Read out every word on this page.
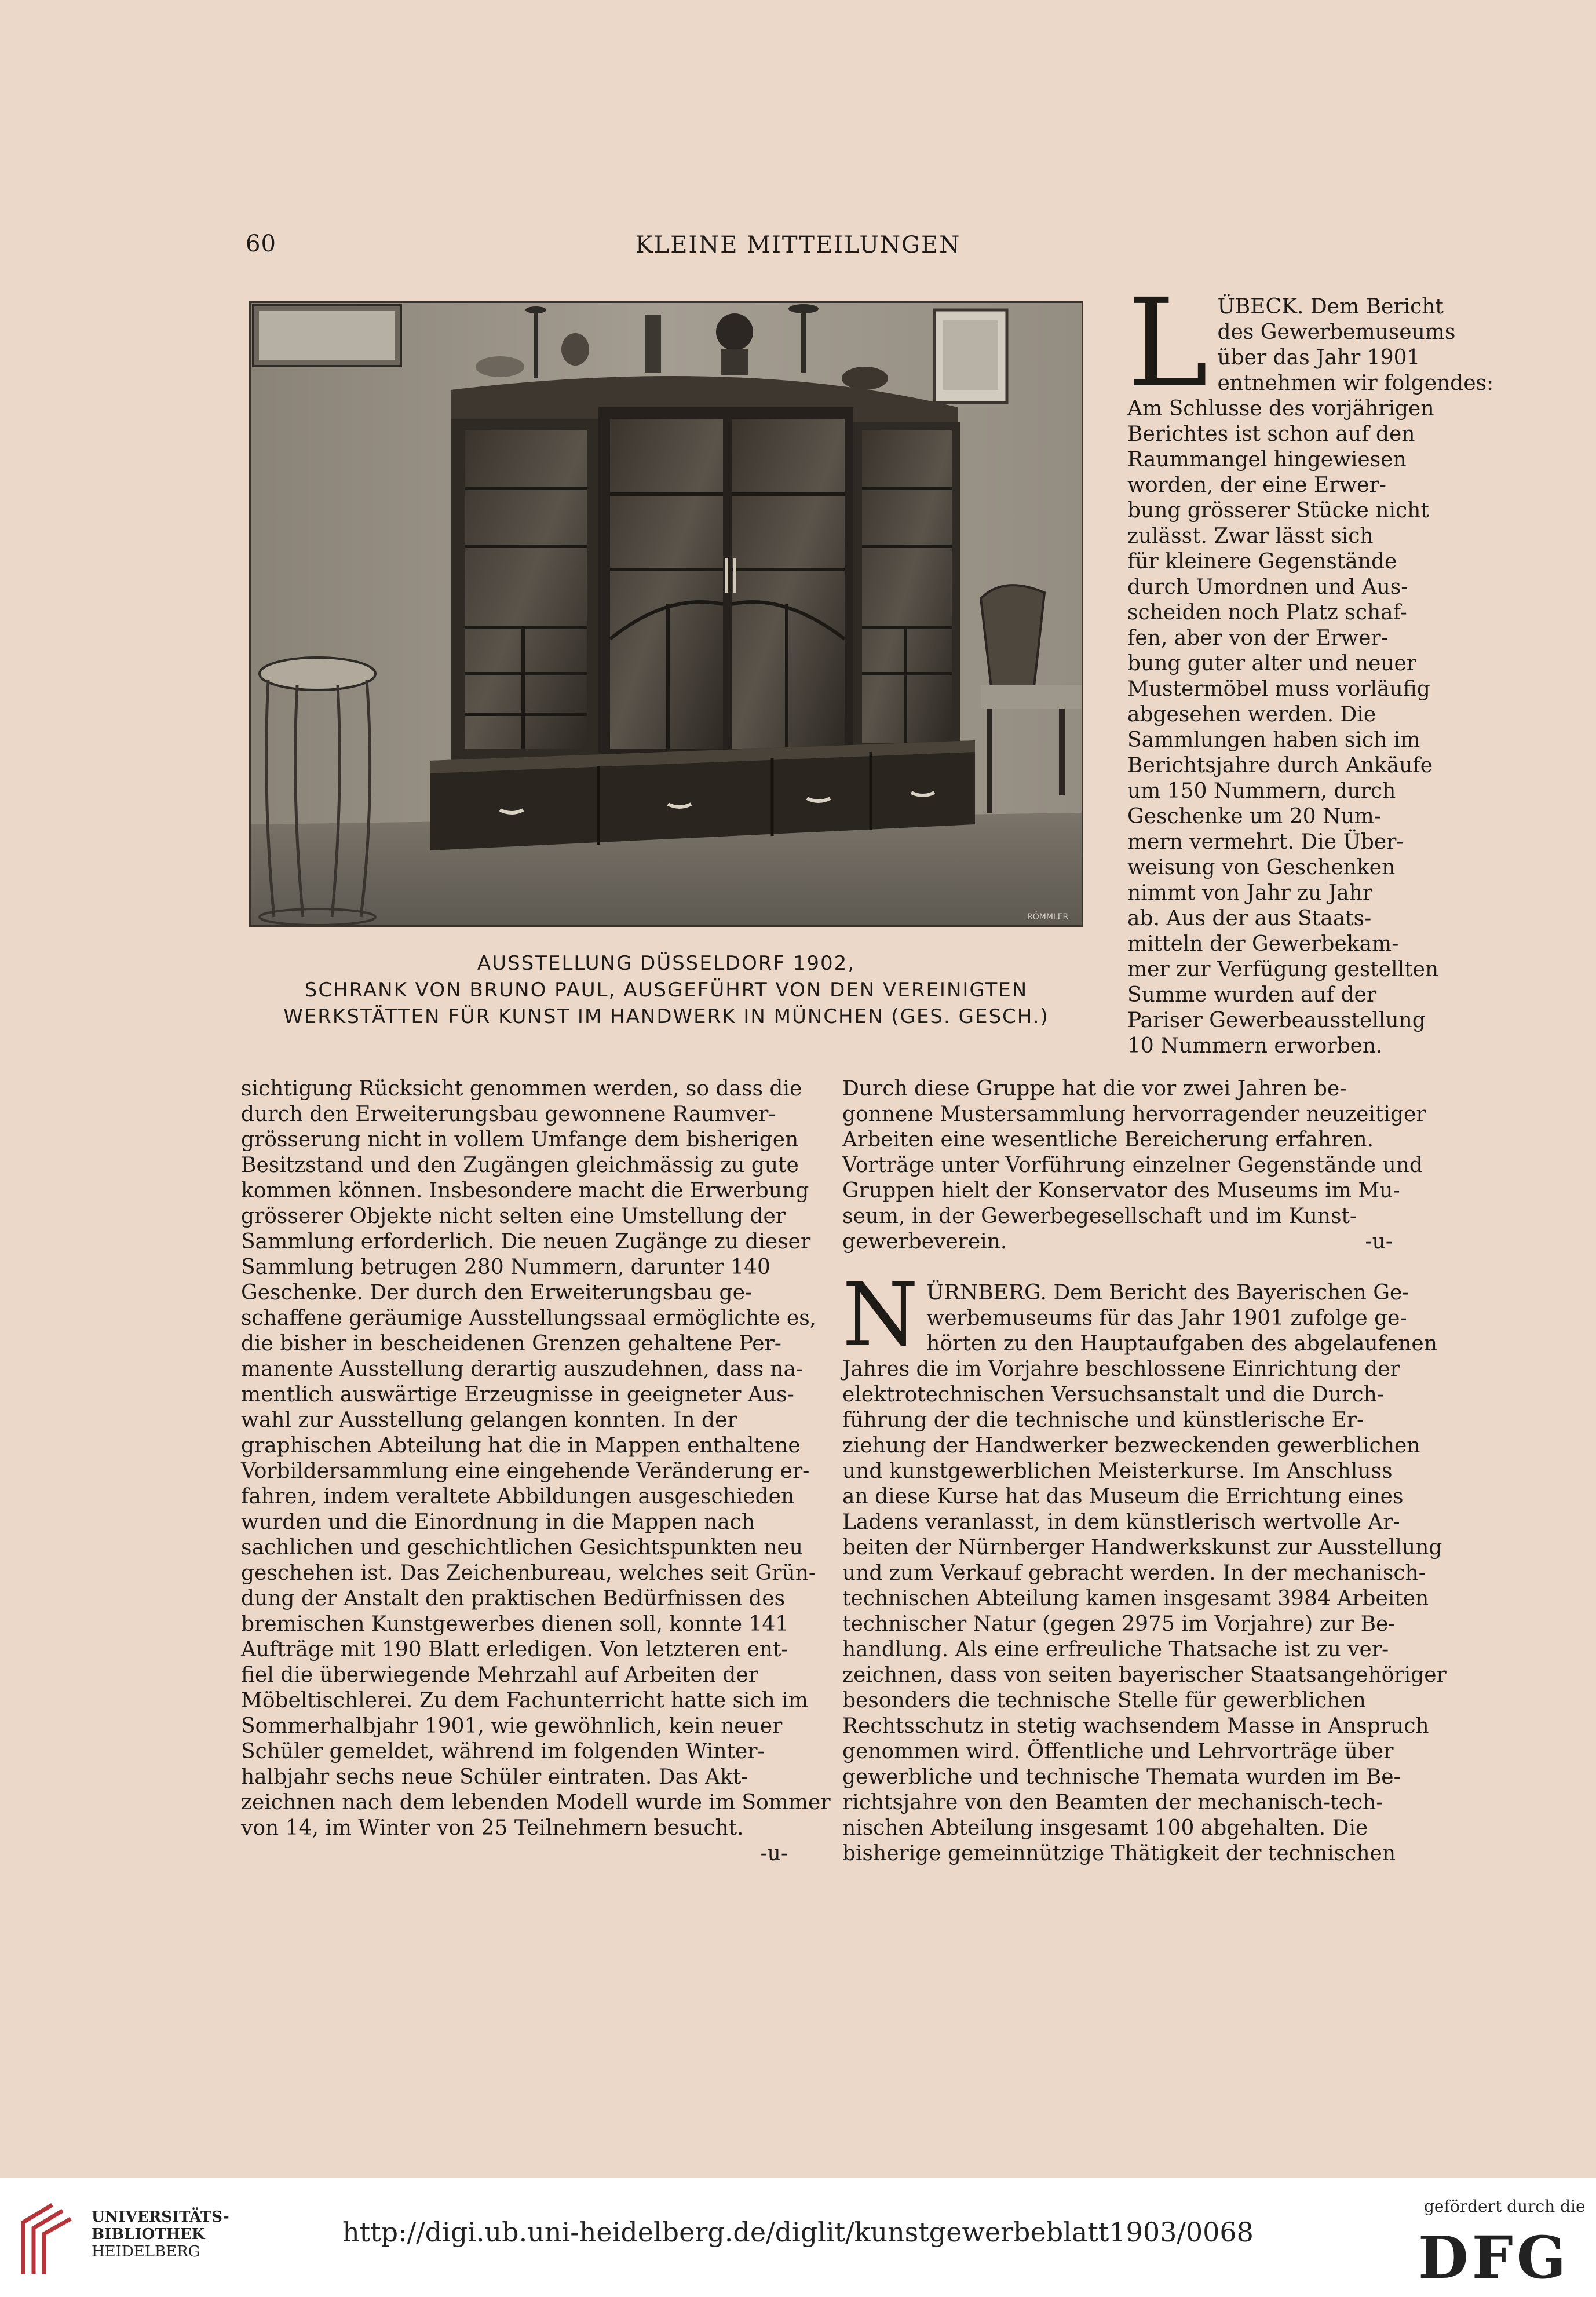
60	KLEINE MITTEILUNGEN
RÖMMLER
AUSSTELLUNG DÜSSELDORF 1902,
SCHRANK VON BRUNO PAUL, AUSGEFÜHRT VON DEN VEREINIGTEN
WERKSTÄTTEN FÜR KUNST IM HANDWERK IN MÜNCHEN (GES. GESCH.)
L ÜBECK. Dem Bericht
des Gewerbemuseums
über das Jahr 1901
entnehmen wir folgendes:
Am Schlusse des vorjährigen
Berichtes ist schon auf den
Raummangel hingewiesen
worden, der eine Erwer-
bung grösserer Stücke nicht
zulässt. Zwar lässt sich
für kleinere Gegenstände
durch Umordnen und Aus-
scheiden noch Platz schaf-
fen, aber von der Erwer-
bung guter alter und neuer
Mustermöbel muss vorläufig
abgesehen werden. Die
Sammlungen haben sich im
Berichtsjahre durch Ankäufe
um 150 Nummern, durch
Geschenke um 20 Num-
mern vermehrt. Die Über-
weisung von Geschenken
nimmt von Jahr zu Jahr
ab. Aus der aus Staats-
mitteln der Gewerbekam-
mer zur Verfügung gestellten
Summe wurden auf der
Pariser Gewerbeausstellung
10 Nummern erworben.
sichtigung Rücksicht genommen werden, so dass die
durch den Erweiterungsbau gewonnene Raumver-
grösserung nicht in vollem Umfange dem bisherigen
Besitzstand und den Zugängen gleichmässig zu gute
kommen können. Insbesondere macht die Erwerbung
grösserer Objekte nicht selten eine Umstellung der
Sammlung erforderlich. Die neuen Zugänge zu dieser
Sammlung betrugen 280 Nummern, darunter 140
Geschenke. Der durch den Erweiterungsbau ge-
schaffene geräumige Ausstellungssaal ermöglichte es,
die bisher in bescheidenen Grenzen gehaltene Per-
manente Ausstellung derartig auszudehnen, dass na-
mentlich auswärtige Erzeugnisse in geeigneter Aus-
wahl zur Ausstellung gelangen konnten. In der
graphischen Abteilung hat die in Mappen enthaltene
Vorbildersammlung eine eingehende Veränderung er-
fahren, indem veraltete Abbildungen ausgeschieden
wurden und die Einordnung in die Mappen nach
sachlichen und geschichtlichen Gesichtspunkten neu
geschehen ist. Das Zeichenbureau, welches seit Grün-
dung der Anstalt den praktischen Bedürfnissen des
bremischen Kunstgewerbes dienen soll, konnte 141
Aufträge mit 190 Blatt erledigen. Von letzteren ent-
fiel die überwiegende Mehrzahl auf Arbeiten der
Möbeltischlerei. Zu dem Fachunterricht hatte sich im
Sommerhalbjahr 1901, wie gewöhnlich, kein neuer
Schüler gemeldet, während im folgenden Winter-
halbjahr sechs neue Schüler eintraten. Das Akt-
zeichnen nach dem lebenden Modell wurde im Sommer
von 14, im Winter von 25 Teilnehmern besucht.
-u-
Durch diese Gruppe hat die vor zwei Jahren be-
gonnene Mustersammlung hervorragender neuzeitiger
Arbeiten eine wesentliche Bereicherung erfahren.
Vorträge unter Vorführung einzelner Gegenstände und
Gruppen hielt der Konservator des Museums im Mu-
seum, in der Gewerbegesellschaft und im Kunst-
gewerbeverein.	-u-
N ÜRNBERG. Dem Bericht des Bayerischen Ge-
werbemuseums für das Jahr 1901 zufolge ge-
hörten zu den Hauptaufgaben des abgelaufenen
Jahres die im Vorjahre beschlossene Einrichtung der
elektrotechnischen Versuchsanstalt und die Durch-
führung der die technische und künstlerische Er-
ziehung der Handwerker bezweckenden gewerblichen
und kunstgewerblichen Meisterkurse. Im Anschluss
an diese Kurse hat das Museum die Errichtung eines
Ladens veranlasst, in dem künstlerisch wertvolle Ar-
beiten der Nürnberger Handwerkskunst zur Ausstellung
und zum Verkauf gebracht werden. In der mechanisch-
technischen Abteilung kamen insgesamt 3984 Arbeiten
technischer Natur (gegen 2975 im Vorjahre) zur Be-
handlung. Als eine erfreuliche Thatsache ist zu ver-
zeichnen, dass von seiten bayerischer Staatsangehöriger
besonders die technische Stelle für gewerblichen
Rechtsschutz in stetig wachsendem Masse in Anspruch
genommen wird. Öffentliche und Lehrvorträge über
gewerbliche und technische Themata wurden im Be-
richtsjahre von den Beamten der mechanisch-tech-
nischen Abteilung insgesamt 100 abgehalten. Die
bisherige gemeinnützige Thätigkeit der technischen
UNIVERSITÄTS-
BIBLIOTHEK
HEIDELBERG
http://digi.ub.uni-heidelberg.de/diglit/kunstgewerbeblatt1903/0068
gefördert durch die
DFG
